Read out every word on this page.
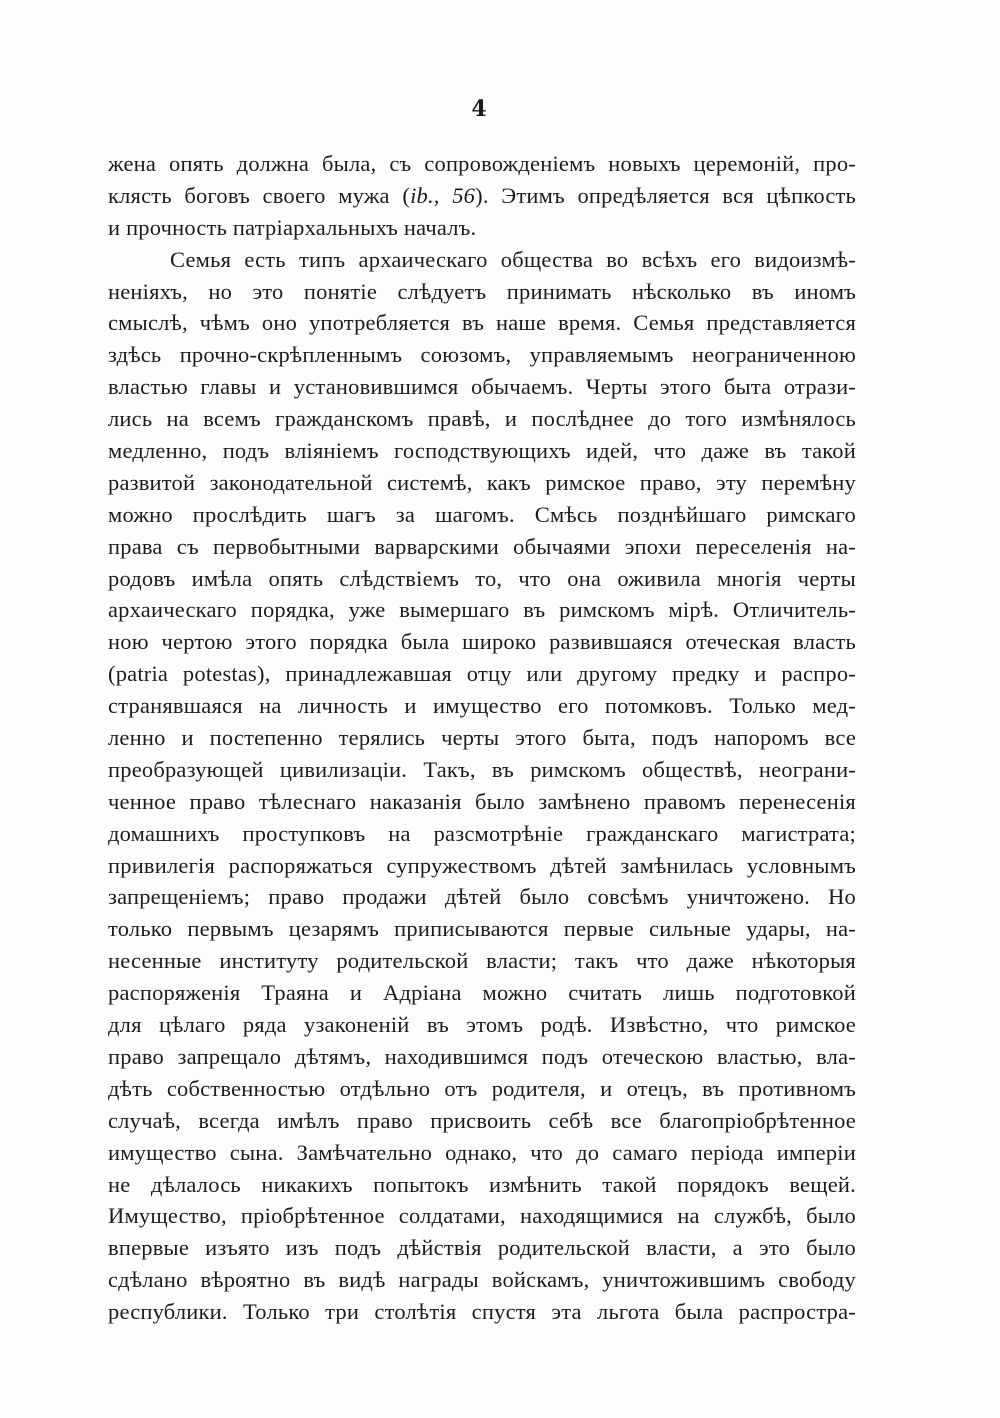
4
жена опять должна была, съ сопровожденіемъ новыхъ церемоній, про-
клясть боговъ своего мужа (ib., 56). Этимъ опредѣляется вся цѣпкость
и прочность патріархальныхъ началъ.
Семья есть типъ архаическаго общества во всѣхъ его видоизмѣ-
неніяхъ, но это понятіе слѣдуетъ принимать нѣсколько въ иномъ
смыслѣ, чѣмъ оно употребляется въ наше время. Семья представляется
здѣсь прочно-скрѣпленнымъ союзомъ, управляемымъ неограниченною
властью главы и установившимся обычаемъ. Черты этого быта отрази-
лись на всемъ гражданскомъ правѣ, и послѣднее до того измѣнялось
медленно, подъ вліяніемъ господствующихъ идей, что даже въ такой
развитой законодательной системѣ, какъ римское право, эту перемѣну
можно прослѣдить шагъ за шагомъ. Смѣсь позднѣйшаго римскаго
права съ первобытными варварскими обычаями эпохи переселенія на-
родовъ имѣла опять слѣдствіемъ то, что она оживила многія черты
архаическаго порядка, уже вымершаго въ римскомъ мірѣ. Отличитель-
ною чертою этого порядка была широко развившаяся отеческая власть
(patria potestas), принадлежавшая отцу или другому предку и распро-
странявшаяся на личность и имущество его потомковъ. Только мед-
ленно и постепенно терялись черты этого быта, подъ напоромъ все
преобразующей цивилизаціи. Такъ, въ римскомъ обществѣ, неограни-
ченное право тѣлеснаго наказанія было замѣнено правомъ перенесенія
домашнихъ проступковъ на разсмотрѣніе гражданскаго магистрата;
привилегія распоряжаться супружествомъ дѣтей замѣнилась условнымъ
запрещеніемъ; право продажи дѣтей было совсѣмъ уничтожено. Но
только первымъ цезарямъ приписываются первые сильные удары, на-
несенные институту родительской власти; такъ что даже нѣкоторыя
распоряженія Траяна и Адріана можно считать лишь подготовкой
для цѣлаго ряда узаконеній въ этомъ родѣ. Извѣстно, что римское
право запрещало дѣтямъ, находившимся подъ отеческою властью, вла-
дѣть собственностью отдѣльно отъ родителя, и отецъ, въ противномъ
случаѣ, всегда имѣлъ право присвоить себѣ все благопріобрѣтенное
имущество сына. Замѣчательно однако, что до самаго періода имперіи
не дѣлалось никакихъ попытокъ измѣнить такой порядокъ вещей.
Имущество, пріобрѣтенное солдатами, находящимися на службѣ, было
впервые изъято изъ подъ дѣйствія родительской власти, а это было
сдѣлано вѣроятно въ видѣ награды войскамъ, уничтожившимъ свободу
республики. Только три столѣтія спустя эта льгота была распростра-
